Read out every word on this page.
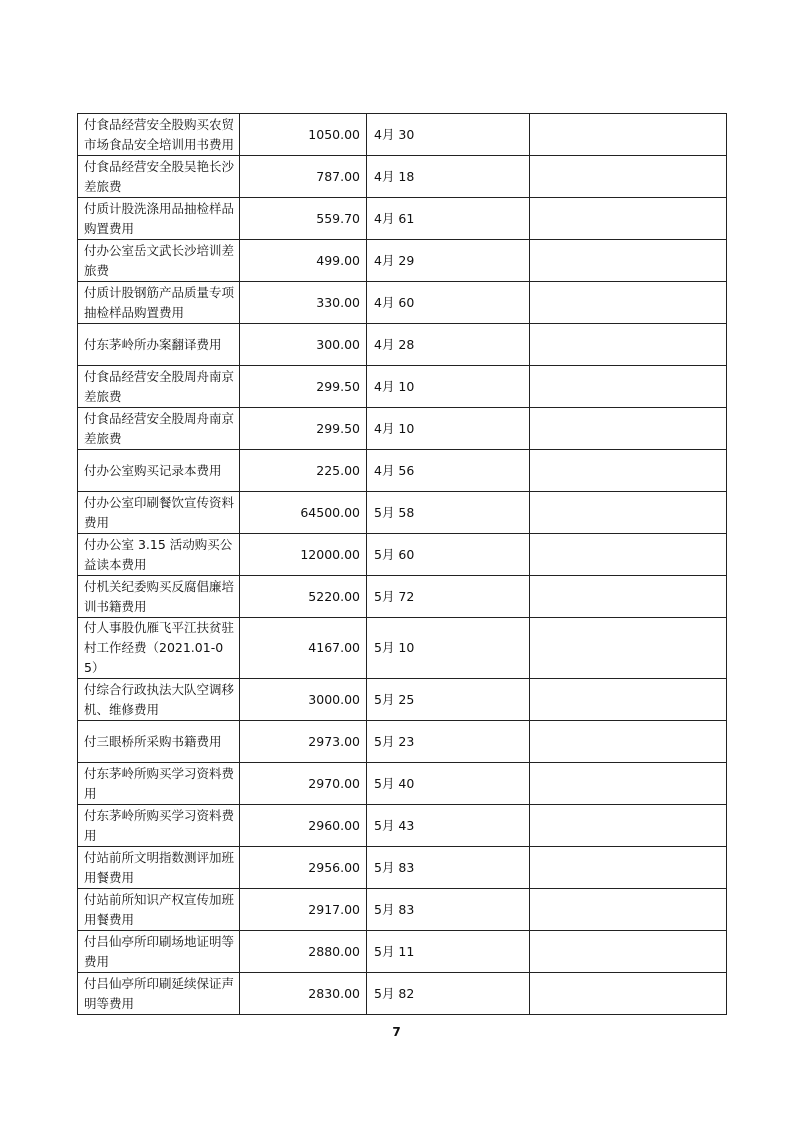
付食品经营安全股购买农贸市场食品安全培训用书费用	1050.00	4月 30	
付食品经营安全股吴艳长沙差旅费	787.00	4月 18	
付质计股洗涤用品抽检样品购置费用	559.70	4月 61	
付办公室岳文武长沙培训差旅费	499.00	4月 29	
付质计股钢筋产品质量专项抽检样品购置费用	330.00	4月 60	
付东茅岭所办案翻译费用	300.00	4月 28	
付食品经营安全股周舟南京差旅费	299.50	4月 10	
付食品经营安全股周舟南京差旅费	299.50	4月 10	
付办公室购买记录本费用	225.00	4月 56	
付办公室印刷餐饮宣传资料费用	64500.00	5月 58	
付办公室 3.15 活动购买公益读本费用	12000.00	5月 60	
付机关纪委购买反腐倡廉培训书籍费用	5220.00	5月 72	
付人事股仇雁飞平江扶贫驻村工作经费（2021.01-05）	4167.00	5月 10	
付综合行政执法大队空调移机、维修费用	3000.00	5月 25	
付三眼桥所采购书籍费用	2973.00	5月 23	
付东茅岭所购买学习资料费用	2970.00	5月 40	
付东茅岭所购买学习资料费用	2960.00	5月 43	
付站前所文明指数测评加班用餐费用	2956.00	5月 83	
付站前所知识产权宣传加班用餐费用	2917.00	5月 83	
付吕仙亭所印刷场地证明等费用	2880.00	5月 11	
付吕仙亭所印刷延续保证声明等费用	2830.00	5月 82	
7
